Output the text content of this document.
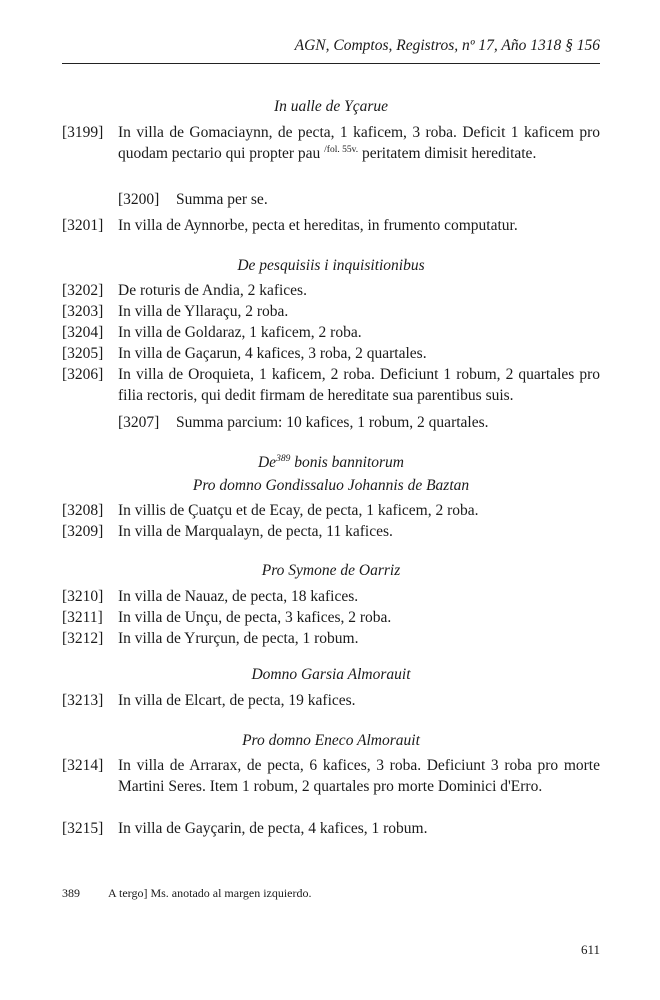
AGN, Comptos, Registros, nº 17, Año 1318 § 156
In ualle de Yçarue
[3199] In villa de Gomaciaynn, de pecta, 1 kaficem, 3 roba. Deficit 1 kaficem pro quodam pectario qui propter pau $^{/fol. 55v.}$ peritatem dimisit hereditate.
[3200] Summa per se.
[3201] In villa de Aynnorbe, pecta et hereditas, in frumento computatur.
De pesquisiis i inquisitionibus
[3202] De roturis de Andia, 2 kafices.
[3203] In villa de Yllaraçu, 2 roba.
[3204] In villa de Goldaraz, 1 kaficem, 2 roba.
[3205] In villa de Gaçarun, 4 kafices, 3 roba, 2 quartales.
[3206] In villa de Oroquieta, 1 kaficem, 2 roba. Deficiunt 1 robum, 2 quartales pro filia rectoris, qui dedit firmam de hereditate sua parentibus suis.
[3207] Summa parcium: 10 kafices, 1 robum, 2 quartales.
De$^{389}$ bonis bannitorum
Pro domno Gondissaluo Johannis de Baztan
[3208] In villis de Çuatçu et de Ecay, de pecta, 1 kaficem, 2 roba.
[3209] In villa de Marqualayn, de pecta, 11 kafices.
Pro Symone de Oarriz
[3210] In villa de Nauaz, de pecta, 18 kafices.
[3211] In villa de Unçu, de pecta, 3 kafices, 2 roba.
[3212] In villa de Yrurçun, de pecta, 1 robum.
Domno Garsia Almorauit
[3213] In villa de Elcart, de pecta, 19 kafices.
Pro domno Eneco Almorauit
[3214] In villa de Arrarax, de pecta, 6 kafices, 3 roba. Deficiunt 3 roba pro morte Martini Seres. Item 1 robum, 2 quartales pro morte Dominici d'Erro.
[3215] In villa de Gayçarin, de pecta, 4 kafices, 1 robum.
389 A tergo] Ms. anotado al margen izquierdo.
611
